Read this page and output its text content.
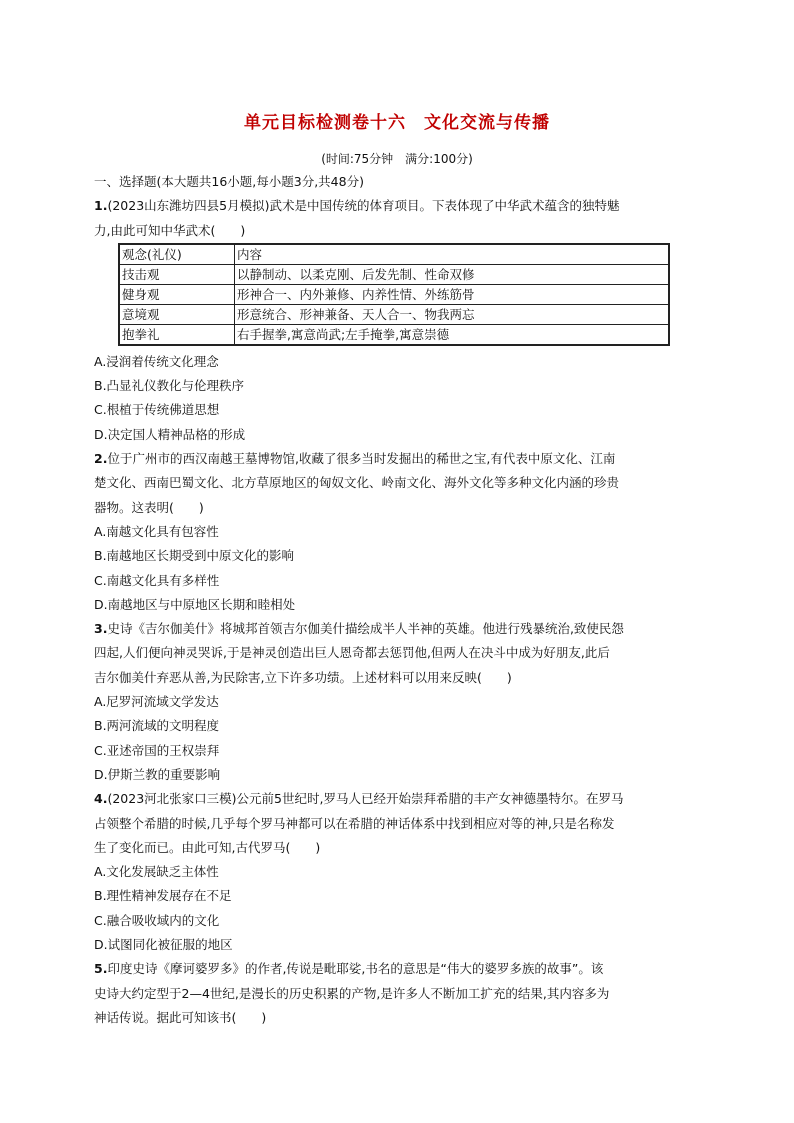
单元目标检测卷十六　文化交流与传播
(时间:75分钟　满分:100分)
一、选择题(本大题共16小题,每小题3分,共48分)
1.(2023山东潍坊四县5月模拟)武术是中国传统的体育项目。下表体现了中华武术蕴含的独特魅
力,由此可知中华武术(　　)
观念(礼仪)	内容
技击观	以静制动、以柔克刚、后发先制、性命双修
健身观	形神合一、内外兼修、内养性情、外练筋骨
意境观	形意统合、形神兼备、天人合一、物我两忘
抱拳礼	右手握拳,寓意尚武;左手掩拳,寓意崇德
A.浸润着传统文化理念
B.凸显礼仪教化与伦理秩序
C.根植于传统佛道思想
D.决定国人精神品格的形成
2.位于广州市的西汉南越王墓博物馆,收藏了很多当时发掘出的稀世之宝,有代表中原文化、江南
楚文化、西南巴蜀文化、北方草原地区的匈奴文化、岭南文化、海外文化等多种文化内涵的珍贵
器物。这表明(　　)
A.南越文化具有包容性
B.南越地区长期受到中原文化的影响
C.南越文化具有多样性
D.南越地区与中原地区长期和睦相处
3.史诗《吉尔伽美什》将城邦首领吉尔伽美什描绘成半人半神的英雄。他进行残暴统治,致使民怨
四起,人们便向神灵哭诉,于是神灵创造出巨人恩奇都去惩罚他,但两人在决斗中成为好朋友,此后
吉尔伽美什弃恶从善,为民除害,立下许多功绩。上述材料可以用来反映(　　)
A.尼罗河流域文学发达
B.两河流域的文明程度
C.亚述帝国的王权崇拜
D.伊斯兰教的重要影响
4.(2023河北张家口三模)公元前5世纪时,罗马人已经开始崇拜希腊的丰产女神德墨特尔。在罗马
占领整个希腊的时候,几乎每个罗马神都可以在希腊的神话体系中找到相应对等的神,只是名称发
生了变化而已。由此可知,古代罗马(　　)
A.文化发展缺乏主体性
B.理性精神发展存在不足
C.融合吸收域内的文化
D.试图同化被征服的地区
5.印度史诗《摩诃婆罗多》的作者,传说是毗耶娑,书名的意思是“伟大的婆罗多族的故事”。该
史诗大约定型于2—4世纪,是漫长的历史积累的产物,是许多人不断加工扩充的结果,其内容多为
神话传说。据此可知该书(　　)
